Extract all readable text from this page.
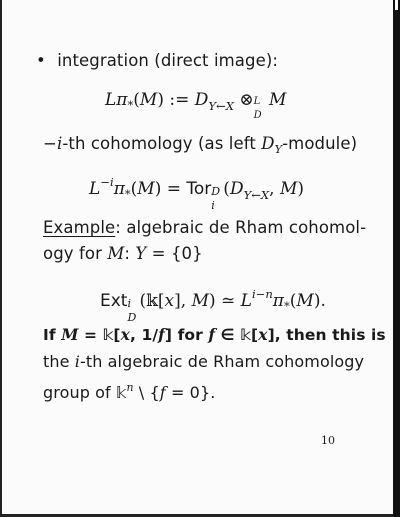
• integration (direct image):
$L\pi_*(M)$ := $D_{Y\leftarrow X}$ ⊗ L
D
M
−i-th cohomology (as left $D_Y-module$)
$L^{-i}\pi_*(M)$ = Tor D
i
($D_{Y\leftarrow X}$, M)
Example: algebraic de Rham cohomol-
ogy for M: Y = {0}
Ext i
D
(𝕜[x], M) ≃ $L^{i-n}\pi_*(M)$.
If M = 𝕜[x, 1/f] for f ∈ 𝕜[x], then this is
the i-th algebraic de Rham cohomology
group of 𝕜$^n$ \ {f = 0}.
10
